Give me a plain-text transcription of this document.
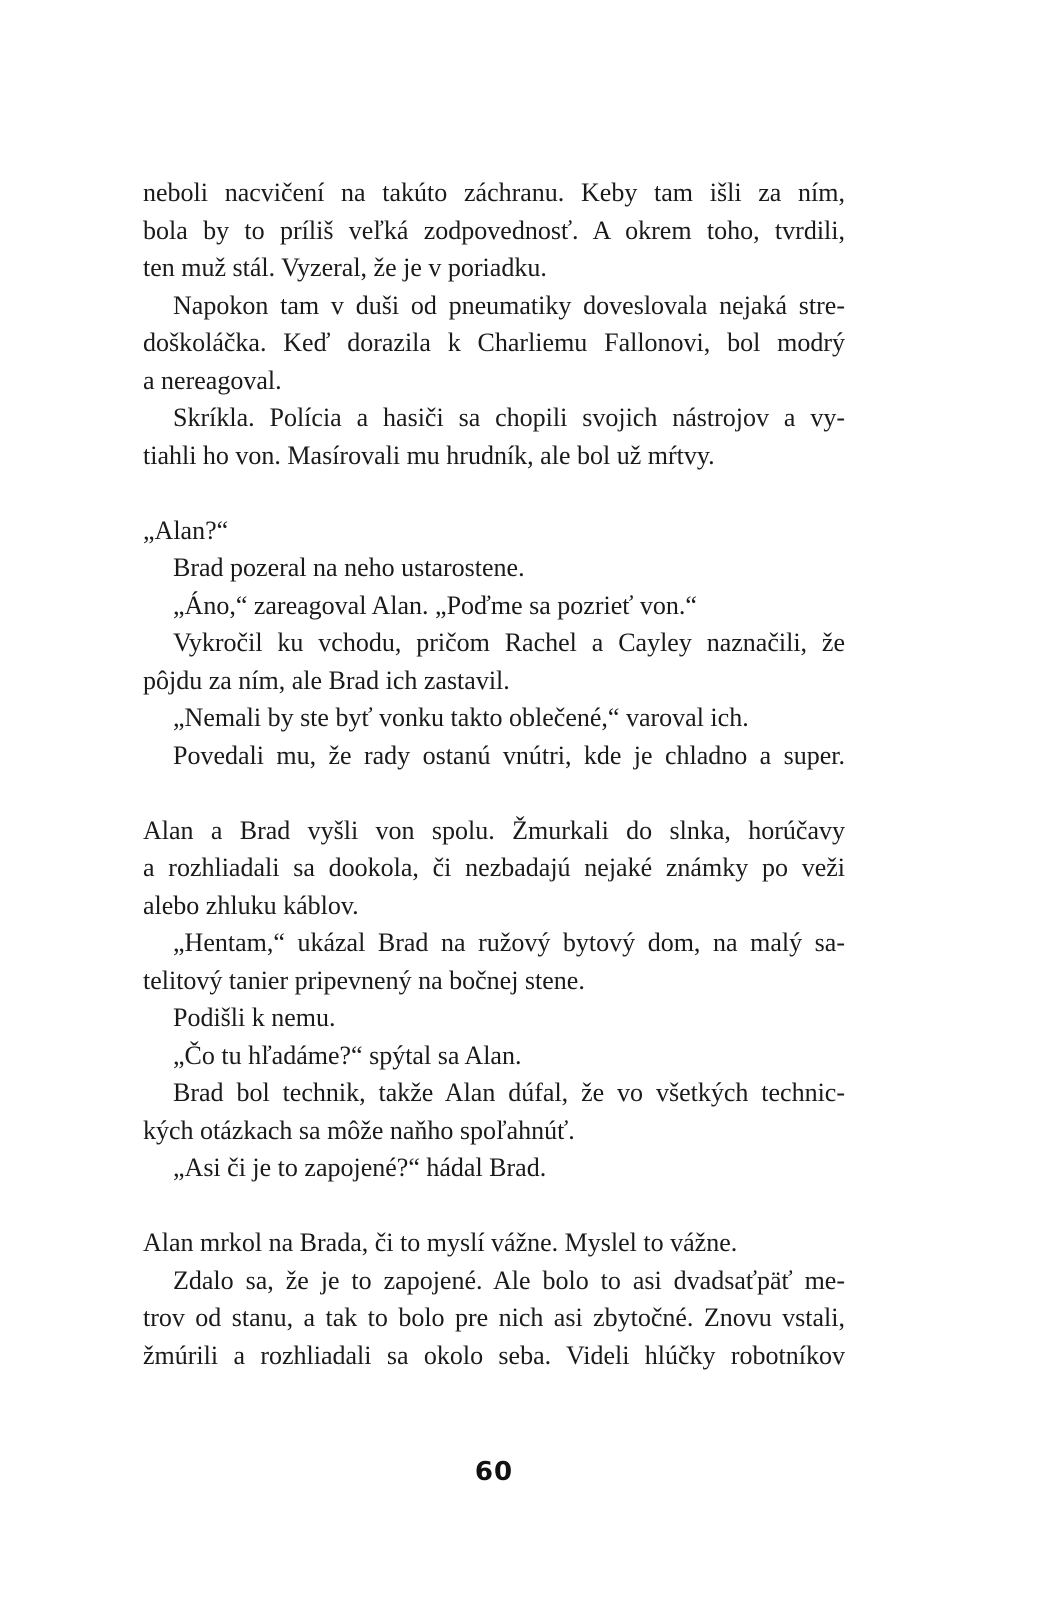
neboli nacvičení na takúto záchranu. Keby tam išli za ním,
bola by to príliš veľká zodpovednosť. A okrem toho, tvrdili,
ten muž stál. Vyzeral, že je v poriadku.
Napokon tam v duši od pneumatiky doveslovala nejaká stre-
doškoláčka. Keď dorazila k Charliemu Fallonovi, bol modrý
a nereagoval.
Skríkla. Polícia a hasiči sa chopili svojich nástrojov a vy-
tiahli ho von. Masírovali mu hrudník, ale bol už mŕtvy.
„Alan?“
Brad pozeral na neho ustarostene.
„Áno,“ zareagoval Alan. „Poďme sa pozrieť von.“
Vykročil ku vchodu, pričom Rachel a Cayley naznačili, že
pôjdu za ním, ale Brad ich zastavil.
„Nemali by ste byť vonku takto oblečené,“ varoval ich.
Povedali mu, že rady ostanú vnútri, kde je chladno a super.
Alan a Brad vyšli von spolu. Žmurkali do slnka, horúčavy
a rozhliadali sa dookola, či nezbadajú nejaké známky po veži
alebo zhluku káblov.
„Hentam,“ ukázal Brad na ružový bytový dom, na malý sa-
telitový tanier pripevnený na bočnej stene.
Podišli k nemu.
„Čo tu hľadáme?“ spýtal sa Alan.
Brad bol technik, takže Alan dúfal, že vo všetkých technic-
kých otázkach sa môže naňho spoľahnúť.
„Asi či je to zapojené?“ hádal Brad.
Alan mrkol na Brada, či to myslí vážne. Myslel to vážne.
Zdalo sa, že je to zapojené. Ale bolo to asi dvadsaťpäť me-
trov od stanu, a tak to bolo pre nich asi zbytočné. Znovu vstali,
žmúrili a rozhliadali sa okolo seba. Videli hlúčky robotníkov
60
